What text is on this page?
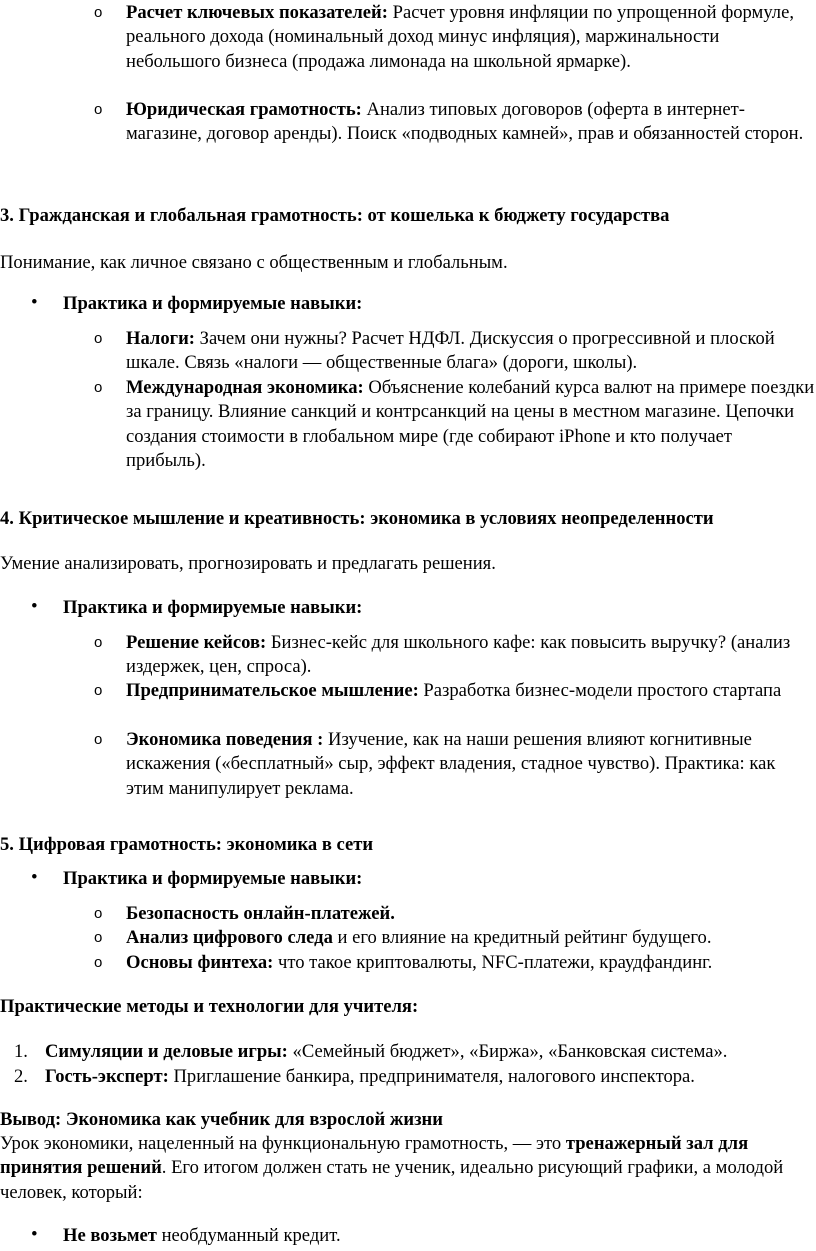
o Расчет ключевых показателей: Расчет уровня инфляции по упрощенной формуле, реального дохода (номинальный доход минус инфляция), маржинальности небольшого бизнеса (продажа лимонада на школьной ярмарке).
o Юридическая грамотность: Анализ типовых договоров (оферта в интернет-магазине, договор аренды). Поиск «подводных камней», прав и обязанностей сторон.
3. Гражданская и глобальная грамотность: от кошелька к бюджету государства
Понимание, как личное связано с общественным и глобальным.
• Практика и формируемые навыки:
o Налоги: Зачем они нужны? Расчет НДФЛ. Дискуссия о прогрессивной и плоской шкале. Связь «налоги — общественные блага» (дороги, школы).
o Международная экономика: Объяснение колебаний курса валют на примере поездки за границу. Влияние санкций и контрсанкций на цены в местном магазине. Цепочки создания стоимости в глобальном мире (где собирают iPhone и кто получает прибыль).
4. Критическое мышление и креативность: экономика в условиях неопределенности
Умение анализировать, прогнозировать и предлагать решения.
• Практика и формируемые навыки:
o Решение кейсов: Бизнес-кейс для школьного кафе: как повысить выручку? (анализ издержек, цен, спроса).
o Предпринимательское мышление: Разработка бизнес-модели простого стартапа
o Экономика поведения : Изучение, как на наши решения влияют когнитивные искажения («бесплатный» сыр, эффект владения, стадное чувство). Практика: как этим манипулирует реклама.
5. Цифровая грамотность: экономика в сети
• Практика и формируемые навыки:
o Безопасность онлайн-платежей.
o Анализ цифрового следа и его влияние на кредитный рейтинг будущего.
o Основы финтеха: что такое криптовалюты, NFC-платежи, краудфандинг.
Практические методы и технологии для учителя:
1. Симуляции и деловые игры: «Семейный бюджет», «Биржа», «Банковская система».
2. Гость-эксперт: Приглашение банкира, предпринимателя, налогового инспектора.
Вывод: Экономика как учебник для взрослой жизни
Урок экономики, нацеленный на функциональную грамотность, — это тренажерный зал для принятия решений. Его итогом должен стать не ученик, идеально рисующий графики, а молодой человек, который:
• Не возьмет необдуманный кредит.
